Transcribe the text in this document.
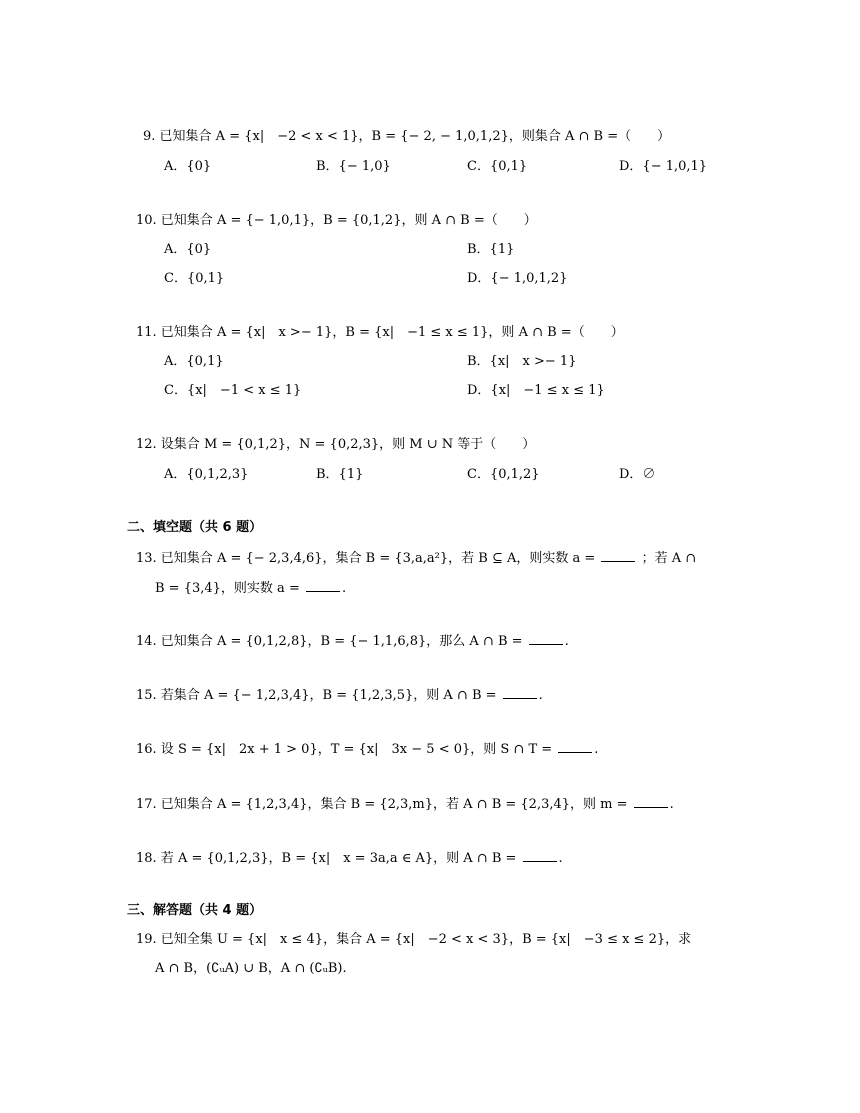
9. 已知集合 A = {x|　−2 < x < 1}，B = {− 2, − 1,0,1,2}，则集合 A ∩ B =（　　）
A．{0}	B．{− 1,0}	C．{0,1}	D．{− 1,0,1}
10. 已知集合 A = {− 1,0,1}，B = {0,1,2}，则 A ∩ B =（　　）
A．{0}	B．{1}
C．{0,1}	D．{− 1,0,1,2}
11. 已知集合 A = {x|　x >− 1}，B = {x|　−1 ≤ x ≤ 1}，则 A ∩ B =（　　）
A．{0,1}	B．{x|　x >− 1}
C．{x|　−1 < x ≤ 1}	D．{x|　−1 ≤ x ≤ 1}
12. 设集合 M = {0,1,2}，N = {0,2,3}，则 M ∪ N 等于（　　）
A．{0,1,2,3}	B．{1}	C．{0,1,2}	D．∅
二、填空题（共 6 题）
13. 已知集合 A = {− 2,3,4,6}，集合 B = {3,a,a²}，若 B ⊆ A，则实数 a =	；若 A ∩
B = {3,4}，则实数 a =	.
14. 已知集合 A = {0,1,2,8}，B = {− 1,1,6,8}，那么 A ∩ B =	.
15. 若集合 A = {− 1,2,3,4}，B = {1,2,3,5}，则 A ∩ B =	.
16. 设 S = {x|　2x + 1 > 0}，T = {x|　3x − 5 < 0}，则 S ∩ T =	.
17. 已知集合 A = {1,2,3,4}，集合 B = {2,3,m}，若 A ∩ B = {2,3,4}，则 m =	.
18. 若 A = {0,1,2,3}，B = {x|　x = 3a,a ∈ A}，则 A ∩ B =	.
三、解答题（共 4 题）
19. 已知全集 U = {x|　x ≤ 4}，集合 A = {x|　−2 < x < 3}，B = {x|　−3 ≤ x ≤ 2}，求
A ∩ B，(∁ᵤA) ∪ B，A ∩ (∁ᵤB).
